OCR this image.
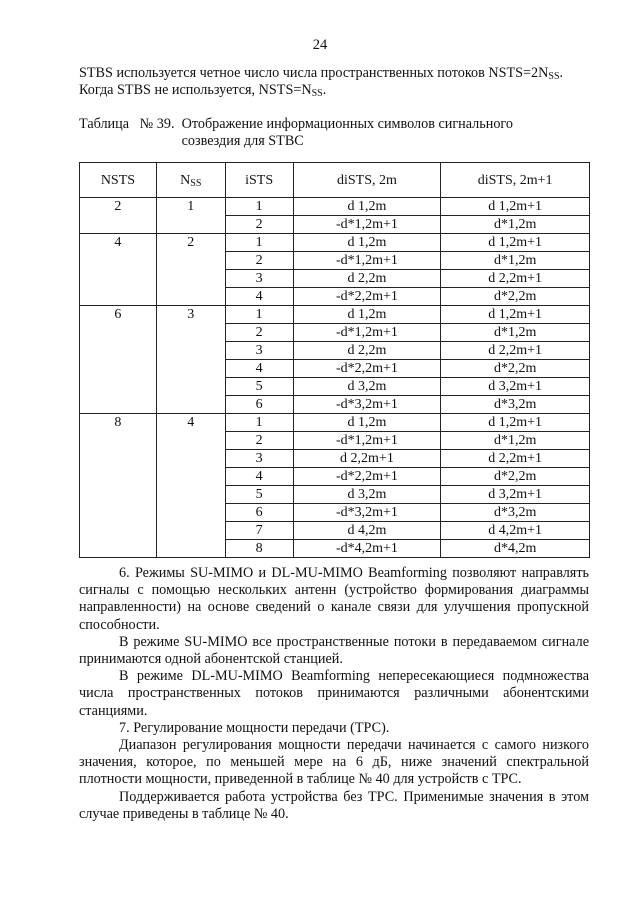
24

STBS используется четное число числа пространственных потоков $NSTS=2N_{SS}$.

Когда STBS не используется, $NSTS=N_{SS}$.

Таблица   № 39. Отображение информационных символов сигнального
созвездия для STBC
NSTS	$N_{SS}$	iSTS	diSTS, 2m	diSTS, 2m+1
2	1	1	d 1,2m	d 1,2m+1
		2	-d*1,2m+1	d*1,2m
4	2	1	d 1,2m	d 1,2m+1
		2	-d*1,2m+1	d*1,2m
		3	d 2,2m	d 2,2m+1
		4	-d*2,2m+1	d*2,2m
6	3	1	d 1,2m	d 1,2m+1
		2	-d*1,2m+1	d*1,2m
		3	d 2,2m	d 2,2m+1
		4	-d*2,2m+1	d*2,2m
		5	d 3,2m	d 3,2m+1
		6	-d*3,2m+1	d*3,2m
8	4	1	d 1,2m	d 1,2m+1
		2	-d*1,2m+1	d*1,2m
		3	d 2,2m+1	d 2,2m+1
		4	-d*2,2m+1	d*2,2m
		5	d 3,2m	d 3,2m+1
		6	-d*3,2m+1	d*3,2m
		7	d 4,2m	d 4,2m+1
		8	-d*4,2m+1	d*4,2m

6. Режимы SU-MIMO и DL-MU-MIMO Beamforming позволяют направлять сигналы с помощью нескольких антенн (устройство формирования диаграммы направленности) на основе сведений о канале связи для улучшения пропускной способности.

В режиме SU-MIMO все пространственные потоки в передаваемом сигнале принимаются одной абонентской станцией.

В режиме DL-MU-MIMO Beamforming непересекающиеся подмножества числа пространственных потоков принимаются различными абонентскими станциями.

7. Регулирование мощности передачи (ТРС).

Диапазон регулирования мощности передачи начинается с самого низкого значения, которое, по меньшей мере на 6 дБ, ниже значений спектральной плотности мощности, приведенной в таблице № 40 для устройств с ТРС.

Поддерживается работа устройства без ТРС. Применимые значения в этом случае приведены в таблице № 40.
